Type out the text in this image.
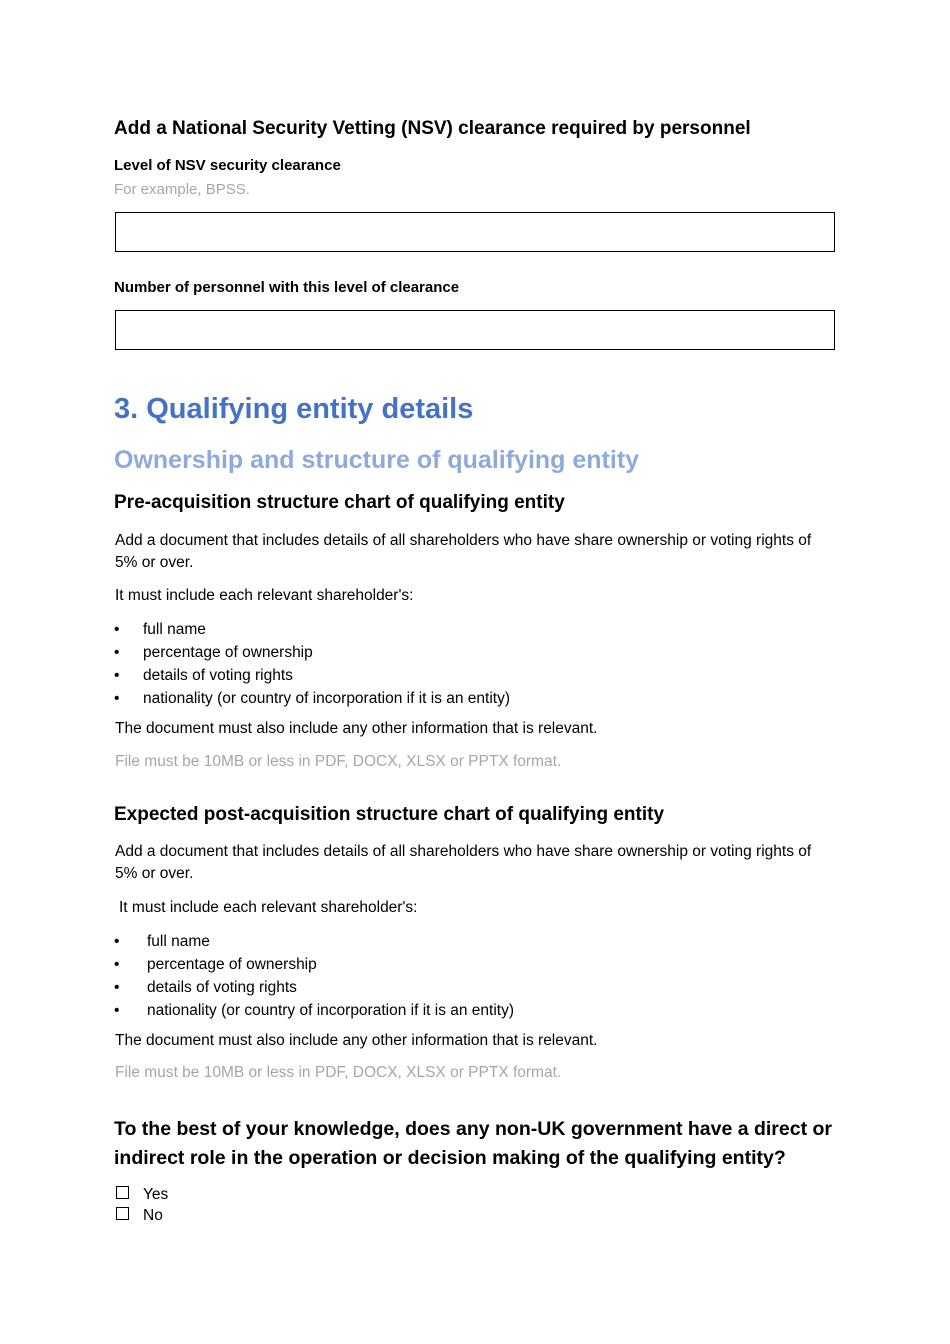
Add a National Security Vetting (NSV) clearance required by personnel
Level of NSV security clearance
For example, BPSS.
Number of personnel with this level of clearance
3. Qualifying entity details
Ownership and structure of qualifying entity
Pre-acquisition structure chart of qualifying entity
Add a document that includes details of all shareholders who have share ownership or voting rights of 5% or over.
It must include each relevant shareholder's:
• full name
• percentage of ownership
• details of voting rights
• nationality (or country of incorporation if it is an entity)
The document must also include any other information that is relevant.
File must be 10MB or less in PDF, DOCX, XLSX or PPTX format.
Expected post-acquisition structure chart of qualifying entity
Add a document that includes details of all shareholders who have share ownership or voting rights of 5% or over.
It must include each relevant shareholder's:
• full name
• percentage of ownership
• details of voting rights
• nationality (or country of incorporation if it is an entity)
The document must also include any other information that is relevant.
File must be 10MB or less in PDF, DOCX, XLSX or PPTX format.
To the best of your knowledge, does any non-UK government have a direct or indirect role in the operation or decision making of the qualifying entity?
Yes
No
